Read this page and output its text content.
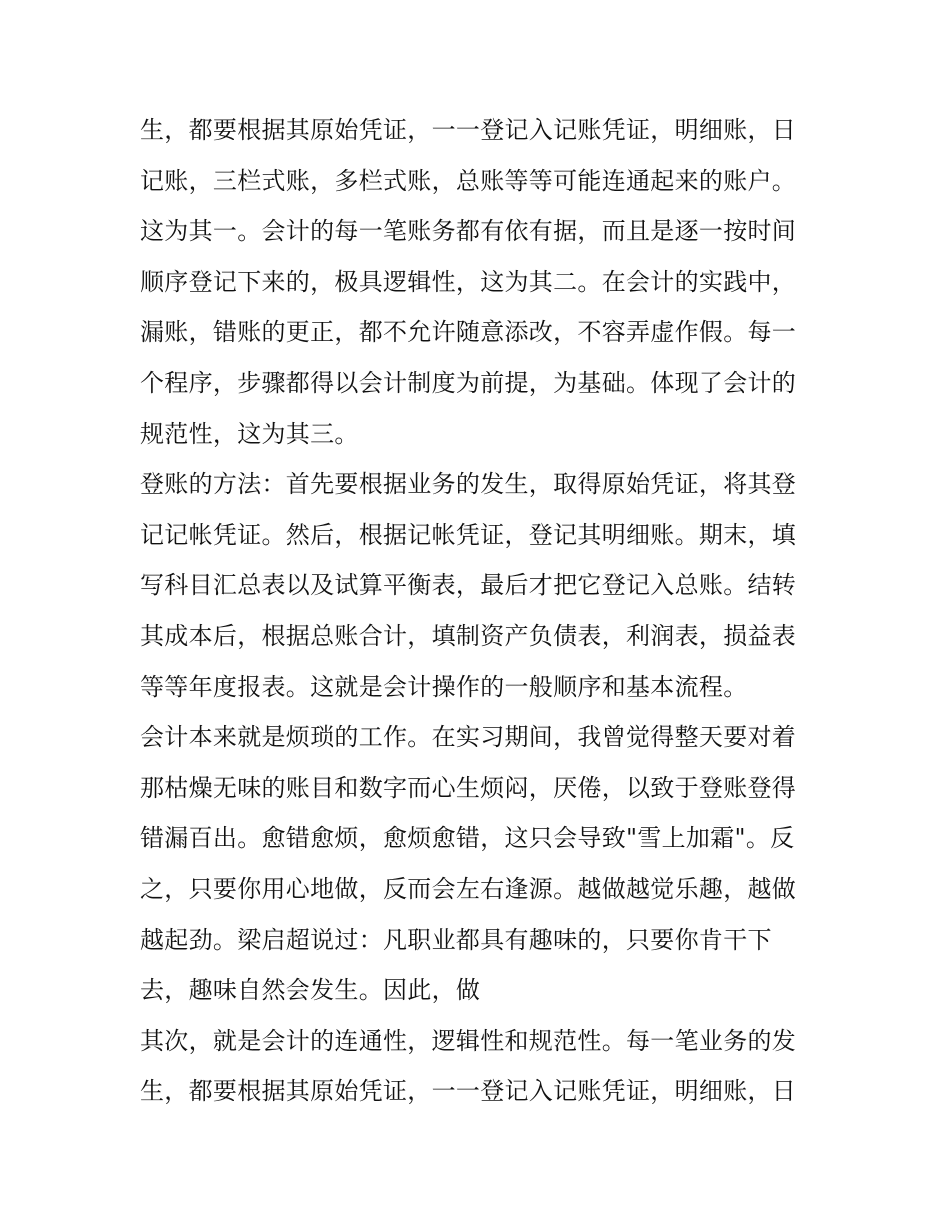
生，都要根据其原始凭证，一一登记入记账凭证，明细账，日
记账，三栏式账，多栏式账，总账等等可能连通起来的账户。
这为其一。会计的每一笔账务都有依有据，而且是逐一按时间
顺序登记下来的，极具逻辑性，这为其二。在会计的实践中，
漏账，错账的更正，都不允许随意添改，不容弄虚作假。每一
个程序，步骤都得以会计制度为前提，为基础。体现了会计的
规范性，这为其三。
登账的方法：首先要根据业务的发生，取得原始凭证，将其登
记记帐凭证。然后，根据记帐凭证，登记其明细账。期末，填
写科目汇总表以及试算平衡表，最后才把它登记入总账。结转
其成本后，根据总账合计，填制资产负债表，利润表，损益表
等等年度报表。这就是会计操作的一般顺序和基本流程。
会计本来就是烦琐的工作。在实习期间，我曾觉得整天要对着
那枯燥无味的账目和数字而心生烦闷，厌倦，以致于登账登得
错漏百出。愈错愈烦，愈烦愈错，这只会导致"雪上加霜"。反
之，只要你用心地做，反而会左右逢源。越做越觉乐趣，越做
越起劲。梁启超说过：凡职业都具有趣味的，只要你肯干下
去，趣味自然会发生。因此，做
其次，就是会计的连通性，逻辑性和规范性。每一笔业务的发
生，都要根据其原始凭证，一一登记入记账凭证，明细账，日
